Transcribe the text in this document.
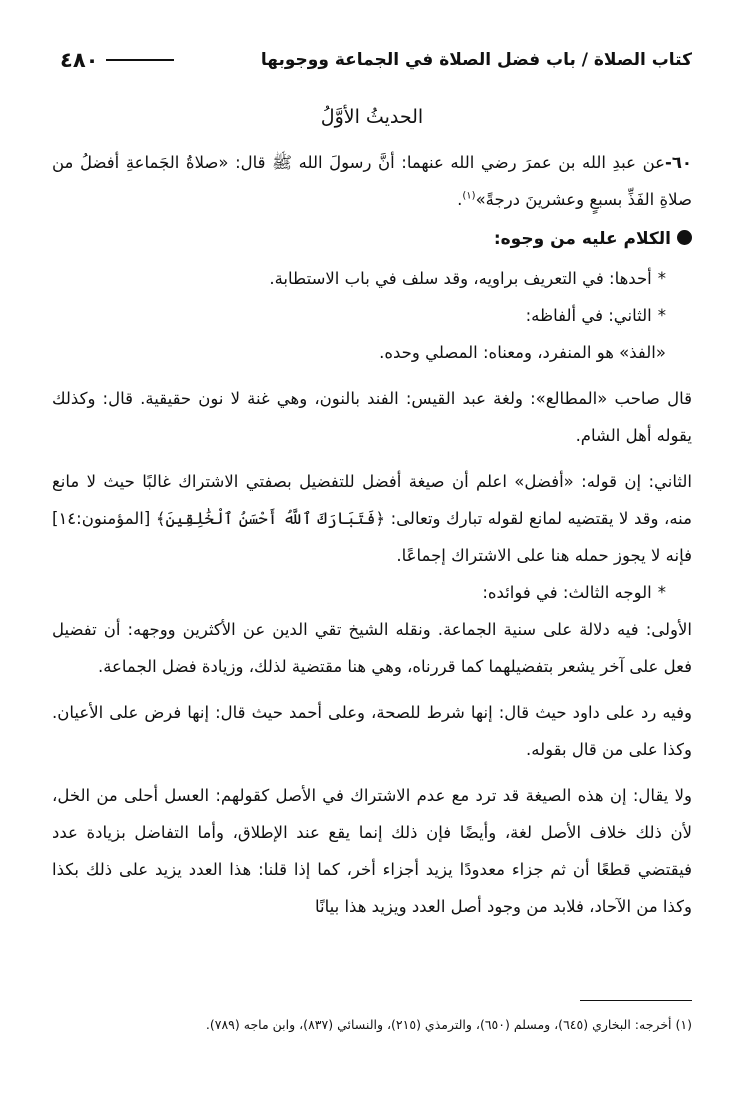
كتاب الصلاة / باب فضل الصلاة في الجماعة ووجوبها
٤٨٠
الحديثُ الأوَّلُ

٦٠-عن عبدِ الله بن عمرَ رضي الله عنهما: أنَّ رسولَ الله ﷺ قال: «صلاةُ الجَماعةِ أفضلُ من صلاةِ الفَذِّ بسبعٍ وعشرينَ درجةً»$^{(١)}$.

الكلام عليه من وجوه:

*أحدها: في التعريف براويه، وقد سلف في باب الاستطابة.

*الثاني: في ألفاظه:

«الفذ» هو المنفرد، ومعناه: المصلي وحده.

قال صاحب «المطالع»: ولغة عبد القيس: الفند بالنون، وهي غنة لا نون حقيقية. قال: وكذلك يقوله أهل الشام.

الثاني: إن قوله: «أفضل» اعلم أن صيغة أفضل للتفضيل بصفتي الاشتراك غالبًا حيث لا مانع منه، وقد لا يقتضيه لمانع لقوله تبارك وتعالى: ﴿فَتَبَارَكَ ٱللَّهُ أَحْسَنُ ٱلْخَٰلِقِينَ﴾ [المؤمنون:١٤] فإنه لا يجوز حمله هنا على الاشتراك إجماعًا.

*الوجه الثالث: في فوائده:

الأولى: فيه دلالة على سنية الجماعة. ونقله الشيخ تقي الدين عن الأكثرين ووجهه: أن تفضيل فعل على آخر يشعر بتفضيلهما كما قررناه، وهي هنا مقتضية لذلك، وزيادة فضل الجماعة.

وفيه رد على داود حيث قال: إنها شرط للصحة، وعلى أحمد حيث قال: إنها فرض على الأعيان. وكذا على من قال بقوله.

ولا يقال: إن هذه الصيغة قد ترد مع عدم الاشتراك في الأصل كقولهم: العسل أحلى من الخل، لأن ذلك خلاف الأصل لغة، وأيضًا فإن ذلك إنما يقع عند الإطلاق، وأما التفاضل بزيادة عدد فيقتضي قطعًا أن ثم جزاء معدودًا يزيد أجزاء أخر، كما إذا قلنا: هذا العدد يزيد على ذلك بكذا وكذا من الآحاد، فلابد من وجود أصل العدد ويزيد هذا بيانًا

(١) أخرجه: البخاري (٦٤٥)، ومسلم (٦٥٠)، والترمذي (٢١٥)، والنسائي (٨٣٧)، وابن ماجه (٧٨٩).
